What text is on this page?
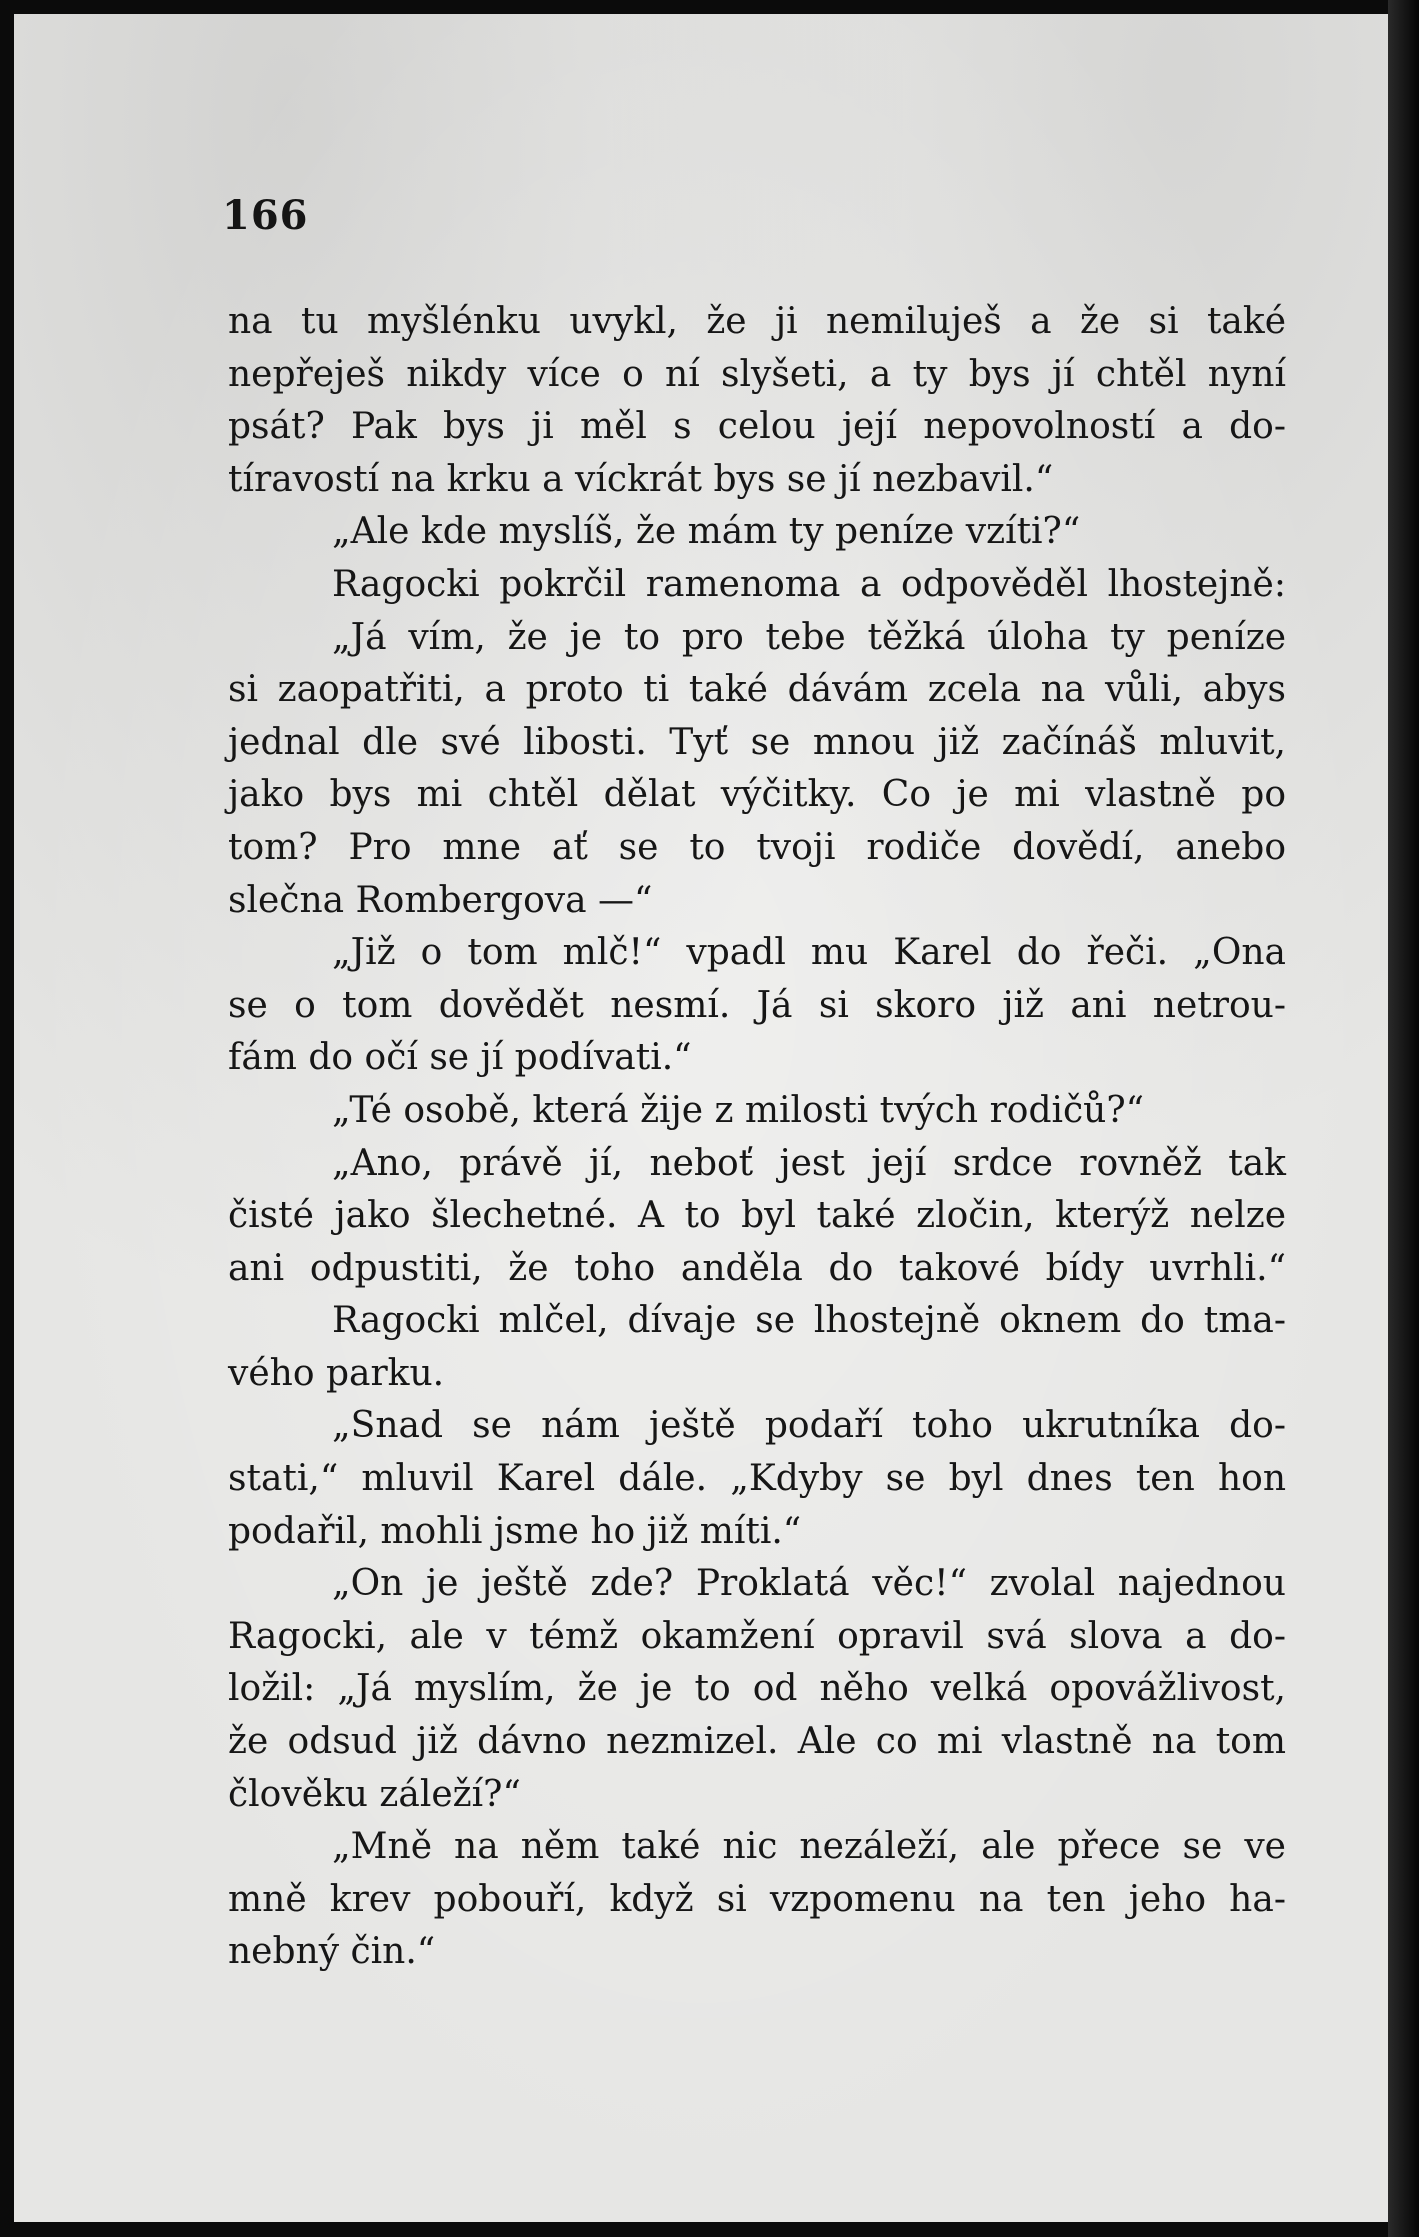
166
na tu myšlénku uvykl, že ji nemiluješ a že si také
nepřeješ nikdy více o ní slyšeti, a ty bys jí chtěl nyní
psát? Pak bys ji měl s celou její nepovolností a do-
tíravostí na krku a víckrát bys se jí nezbavil.“
„Ale kde myslíš, že mám ty peníze vzíti?“
Ragocki pokrčil ramenoma a odpověděl lhostejně:
„Já vím, že je to pro tebe těžká úloha ty peníze
si zaopatřiti, a proto ti také dávám zcela na vůli, abys
jednal dle své libosti. Tyť se mnou již začínáš mluvit,
jako bys mi chtěl dělat výčitky. Co je mi vlastně po
tom? Pro mne ať se to tvoji rodiče dovědí, anebo
slečna Rombergova —“
„Již o tom mlč!“ vpadl mu Karel do řeči. „Ona
se o tom dovědět nesmí. Já si skoro již ani netrou-
fám do očí se jí podívati.“
„Té osobě, která žije z milosti tvých rodičů?“
„Ano, právě jí, neboť jest její srdce rovněž tak
čisté jako šlechetné. A to byl také zločin, kterýž nelze
ani odpustiti, že toho anděla do takové bídy uvrhli.“
Ragocki mlčel, dívaje se lhostejně oknem do tma-
vého parku.
„Snad se nám ještě podaří toho ukrutníka do-
stati,“ mluvil Karel dále. „Kdyby se byl dnes ten hon
podařil, mohli jsme ho již míti.“
„On je ještě zde? Proklatá věc!“ zvolal najednou
Ragocki, ale v témž okamžení opravil svá slova a do-
ložil: „Já myslím, že je to od něho velká opovážlivost,
že odsud již dávno nezmizel. Ale co mi vlastně na tom
člověku záleží?“
„Mně na něm také nic nezáleží, ale přece se ve
mně krev pobouří, když si vzpomenu na ten jeho ha-
nebný čin.“
